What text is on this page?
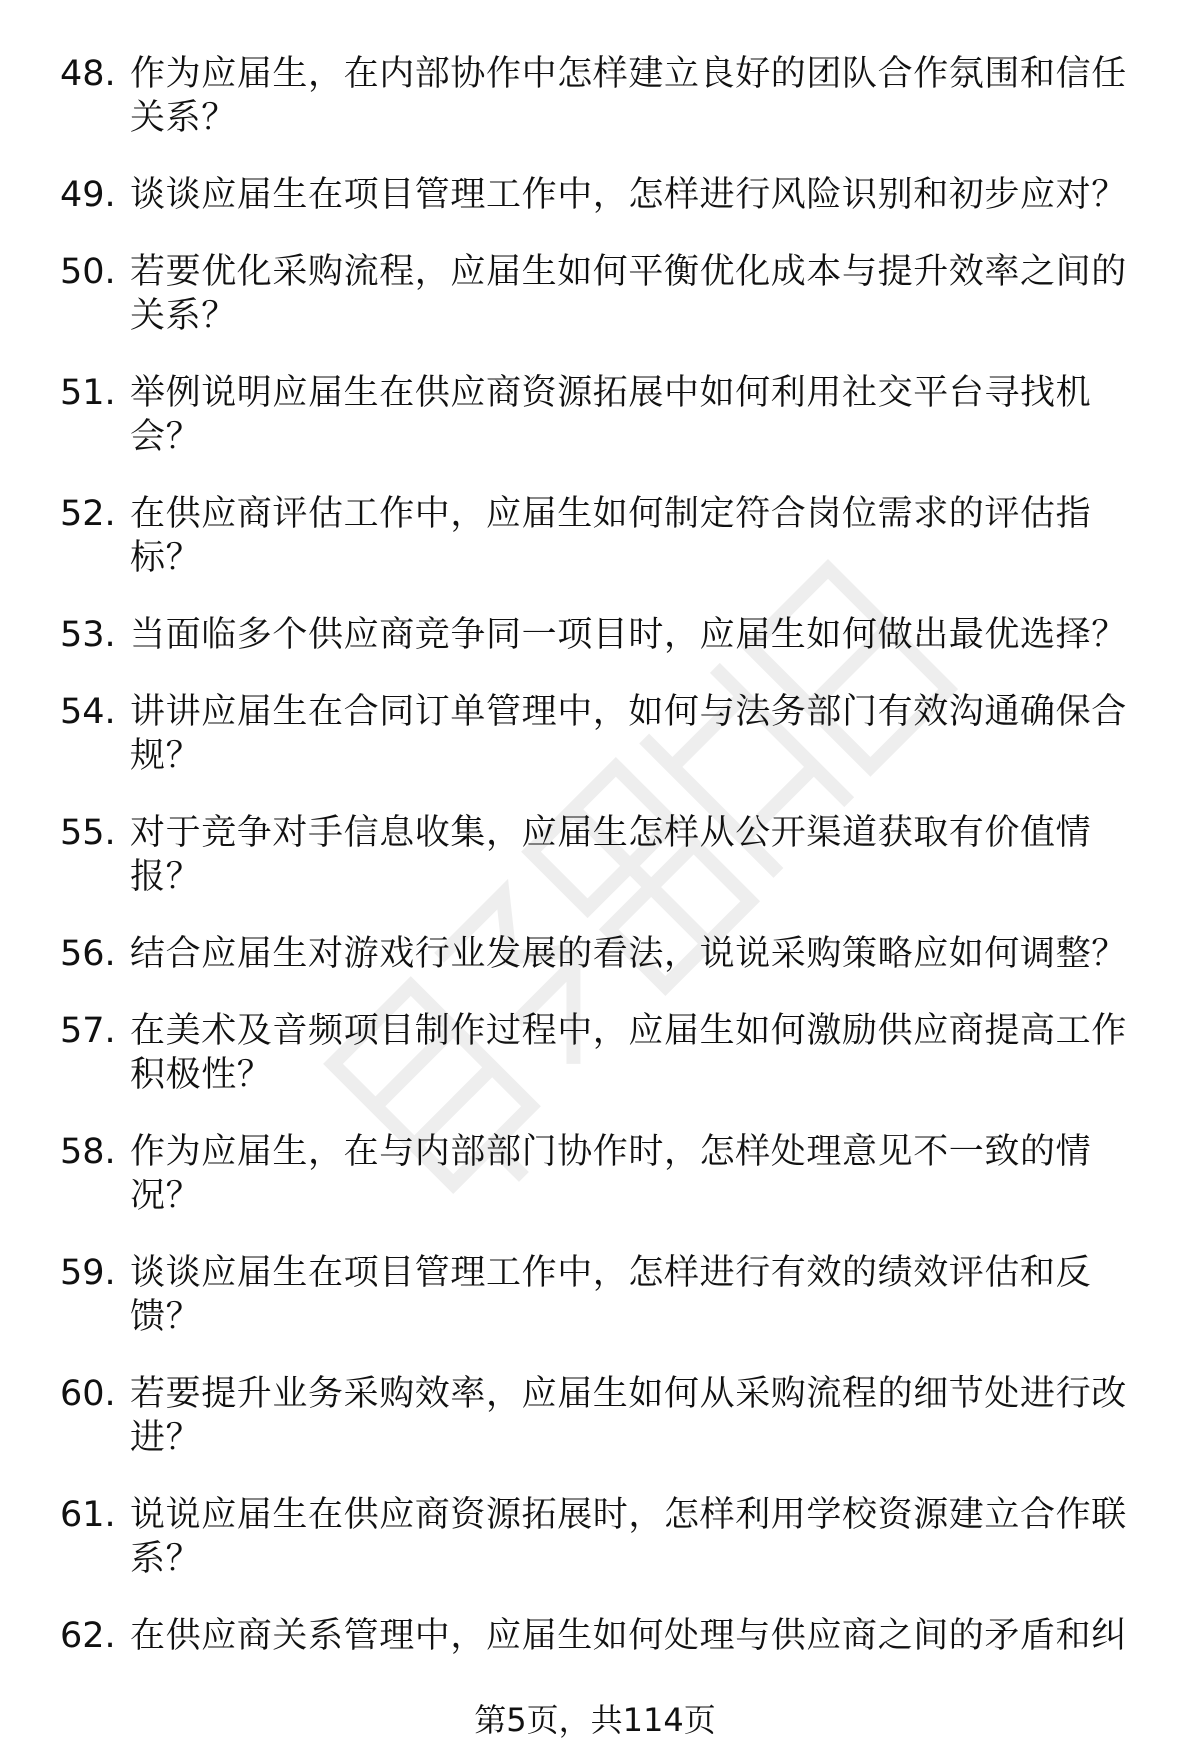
48. 作为应届生，在内部协作中怎样建立良好的团队合作氛围和信任关系？
49. 谈谈应届生在项目管理工作中，怎样进行风险识别和初步应对？
50. 若要优化采购流程，应届生如何平衡优化成本与提升效率之间的关系？
51. 举例说明应届生在供应商资源拓展中如何利用社交平台寻找机会？
52. 在供应商评估工作中，应届生如何制定符合岗位需求的评估指标？
53. 当面临多个供应商竞争同一项目时，应届生如何做出最优选择？
54. 讲讲应届生在合同订单管理中，如何与法务部门有效沟通确保合规？
55. 对于竞争对手信息收集，应届生怎样从公开渠道获取有价值情报？
56. 结合应届生对游戏行业发展的看法，说说采购策略应如何调整？
57. 在美术及音频项目制作过程中，应届生如何激励供应商提高工作积极性？
58. 作为应届生，在与内部部门协作时，怎样处理意见不一致的情况？
59. 谈谈应届生在项目管理工作中，怎样进行有效的绩效评估和反馈？
60. 若要提升业务采购效率，应届生如何从采购流程的细节处进行改进？
61. 说说应届生在供应商资源拓展时，怎样利用学校资源建立合作联系？
62. 在供应商关系管理中，应届生如何处理与供应商之间的矛盾和纠
第5页，共114页
